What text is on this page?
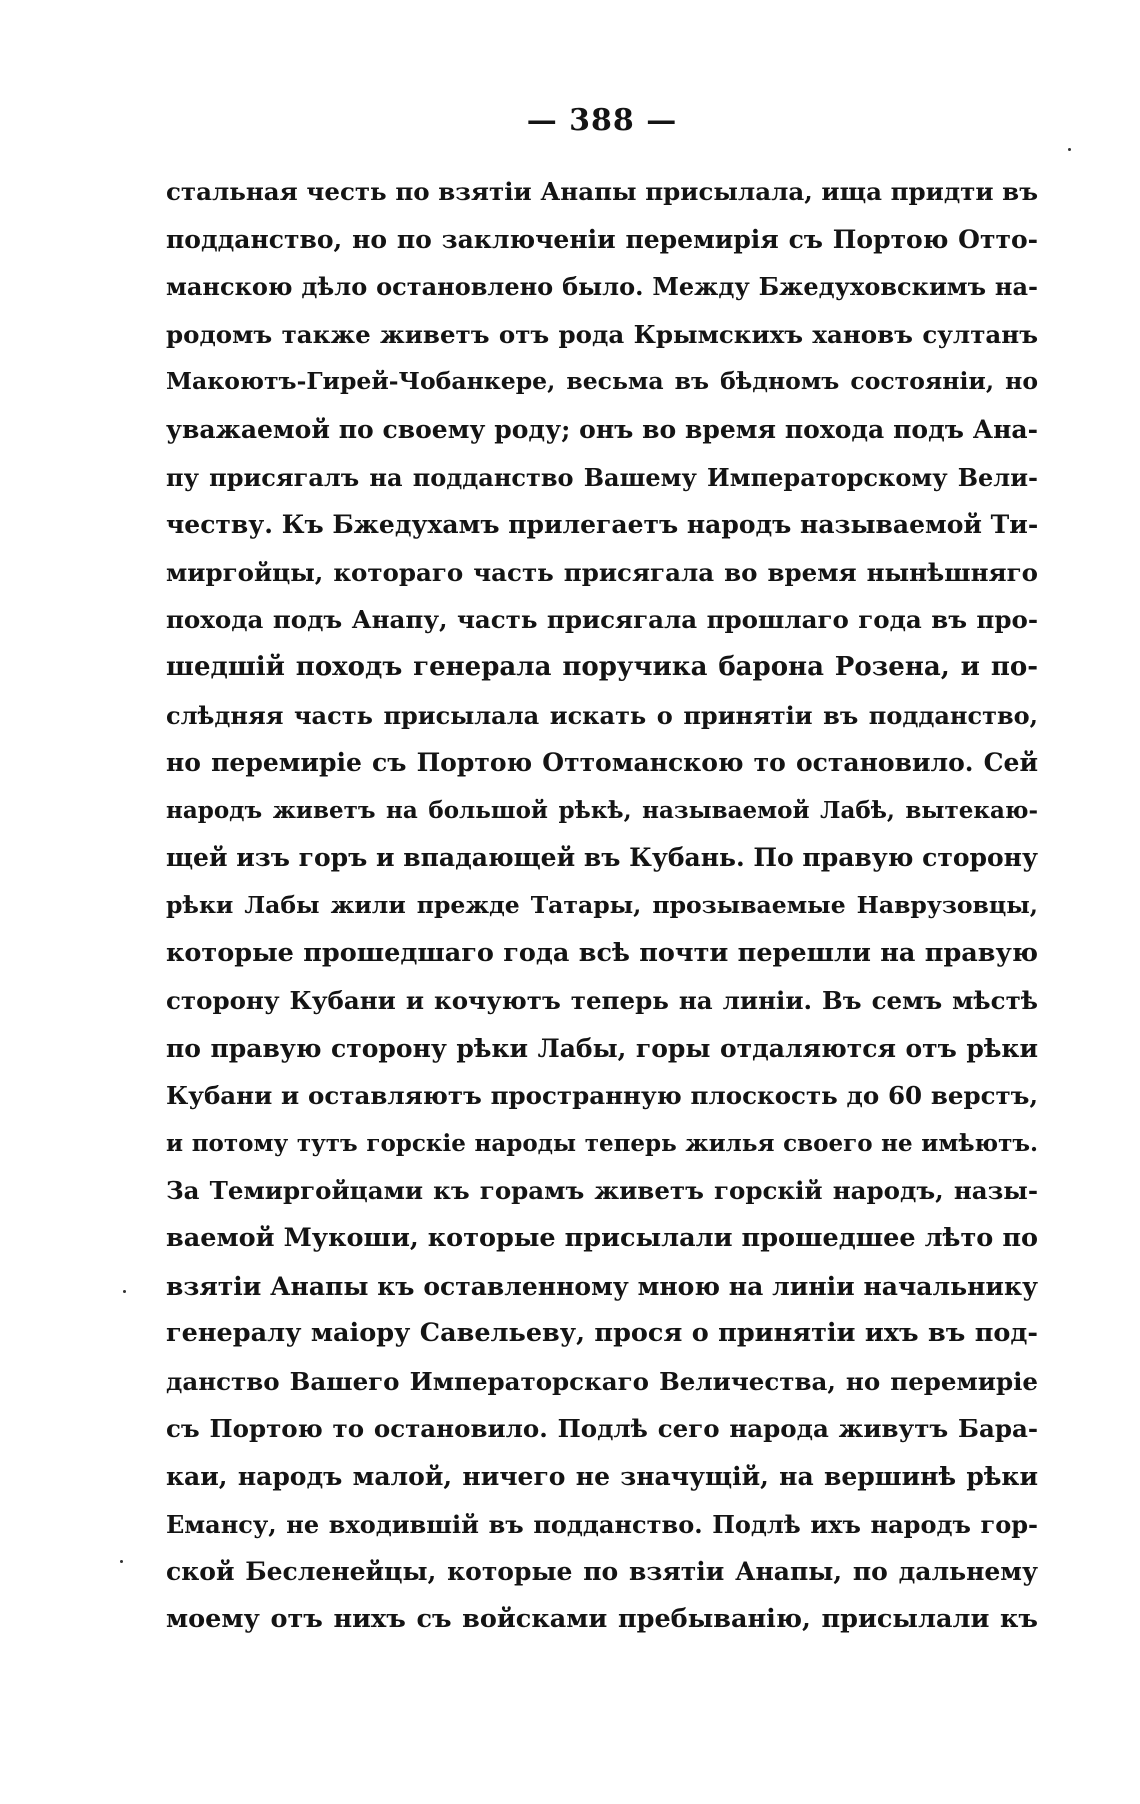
— 388 —
стальная честь по взятіи Анапы присылала, ища придти въ
подданство, но по заключеніи перемирія съ Портою Отто-
манскою дѣло остановлено было. Между Бжедуховскимъ на-
родомъ также живетъ отъ рода Крымскихъ хановъ султанъ
Макоютъ-Гирей-Чобанкере, весьма въ бѣдномъ состояніи, но
уважаемой по своему роду; онъ во время похода подъ Ана-
пу присягалъ на подданство Вашему Императорскому Вели-
честву. Къ Бжедухамъ прилегаетъ народъ называемой Ти-
миргойцы, котораго часть присягала во время нынѣшняго
похода подъ Анапу, часть присягала прошлаго года въ про-
шедшій походъ генерала поручика барона Розена, и по-
слѣдняя часть присылала искать о принятіи въ подданство,
но перемиріе съ Портою Оттоманскою то остановило. Сей
народъ живетъ на большой рѣкѣ, называемой Лабѣ, вытекаю-
щей изъ горъ и впадающей въ Кубань. По правую сторону
рѣки Лабы жили прежде Татары, прозываемые Наврузовцы,
которые прошедшаго года всѣ почти перешли на правую
сторону Кубани и кочуютъ теперь на линіи. Въ семъ мѣстѣ
по правую сторону рѣки Лабы, горы отдаляются отъ рѣки
Кубани и оставляютъ пространную плоскость до 60 верстъ,
и потому тутъ горскіе народы теперь жилья своего не имѣютъ.
За Темиргойцами къ горамъ живетъ горскій народъ, назы-
ваемой Мукоши, которые присылали прошедшее лѣто по
взятіи Анапы къ оставленному мною на линіи начальнику
генералу маіору Савельеву, прося о принятіи ихъ въ под-
данство Вашего Императорскаго Величества, но перемиріе
съ Портою то остановило. Подлѣ сего народа живутъ Бара-
каи, народъ малой, ничего не значущій, на вершинѣ рѣки
Емансу, не входившій въ подданство. Подлѣ ихъ народъ гор-
ской Бесленейцы, которые по взятіи Анапы, по дальнему
моему отъ нихъ съ войсками пребыванію, присылали къ
